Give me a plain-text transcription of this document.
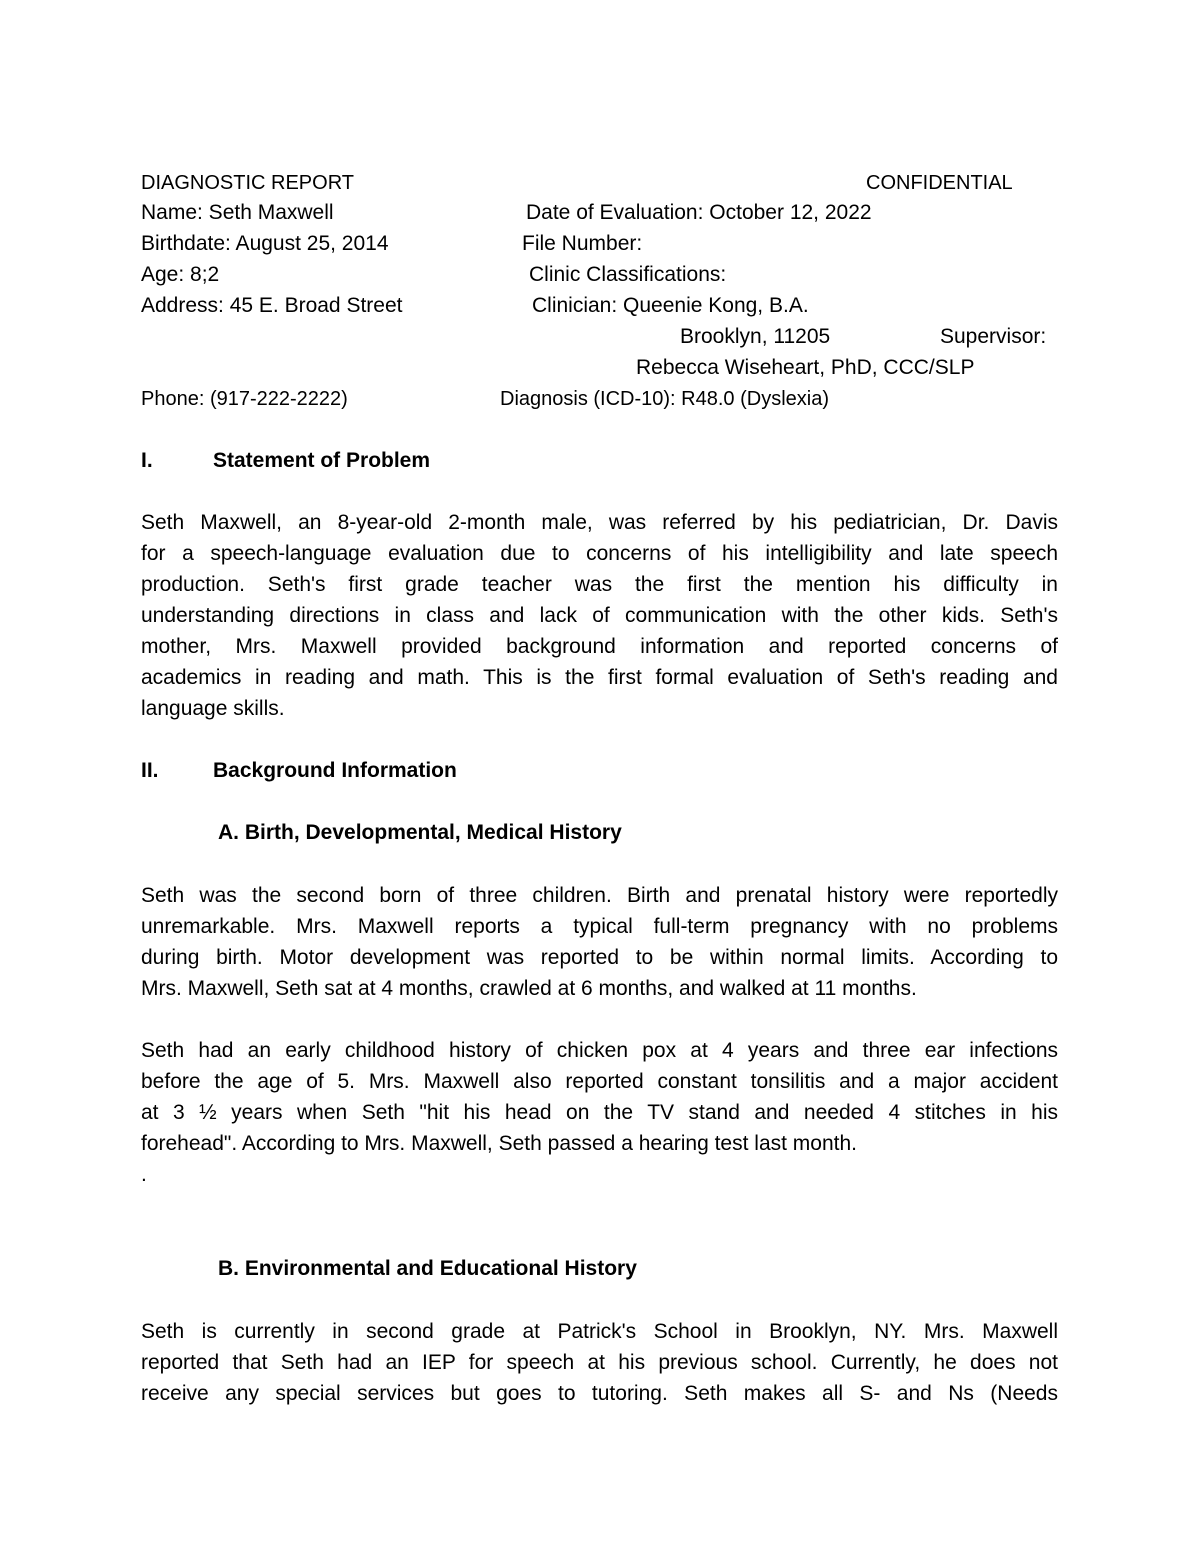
DIAGNOSTIC REPORT	CONFIDENTIAL
Name: Seth Maxwell	Date of Evaluation: October 12, 2022
Birthdate: August 25, 2014	File Number:
Age: 8;2	Clinic Classifications:
Address: 45 E. Broad Street	Clinician: Queenie Kong, B.A.
Brooklyn, 11205	Supervisor:
Rebecca Wiseheart, PhD, CCC/SLP
Phone: (917-222-2222)	Diagnosis (ICD-10): R48.0 (Dyslexia)
I.	Statement of Problem
Seth Maxwell, an 8-year-old 2-month male, was referred by his pediatrician, Dr. Davis
for a speech-language evaluation due to concerns of his intelligibility and late speech
production. Seth's first grade teacher was the first the mention his difficulty in
understanding directions in class and lack of communication with the other kids. Seth's
mother, Mrs. Maxwell provided background information and reported concerns of
academics in reading and math. This is the first formal evaluation of Seth's reading and
language skills.
II.	Background Information
A. Birth, Developmental, Medical History
Seth was the second born of three children. Birth and prenatal history were reportedly
unremarkable. Mrs. Maxwell reports a typical full-term pregnancy with no problems
during birth. Motor development was reported to be within normal limits. According to
Mrs. Maxwell, Seth sat at 4 months, crawled at 6 months, and walked at 11 months.
Seth had an early childhood history of chicken pox at 4 years and three ear infections
before the age of 5. Mrs. Maxwell also reported constant tonsilitis and a major accident
at 3 ½ years when Seth "hit his head on the TV stand and needed 4 stitches in his
forehead". According to Mrs. Maxwell, Seth passed a hearing test last month.
.
B. Environmental and Educational History
Seth is currently in second grade at Patrick's School in Brooklyn, NY. Mrs. Maxwell
reported that Seth had an IEP for speech at his previous school. Currently, he does not
receive any special services but goes to tutoring. Seth makes all S- and Ns (Needs
